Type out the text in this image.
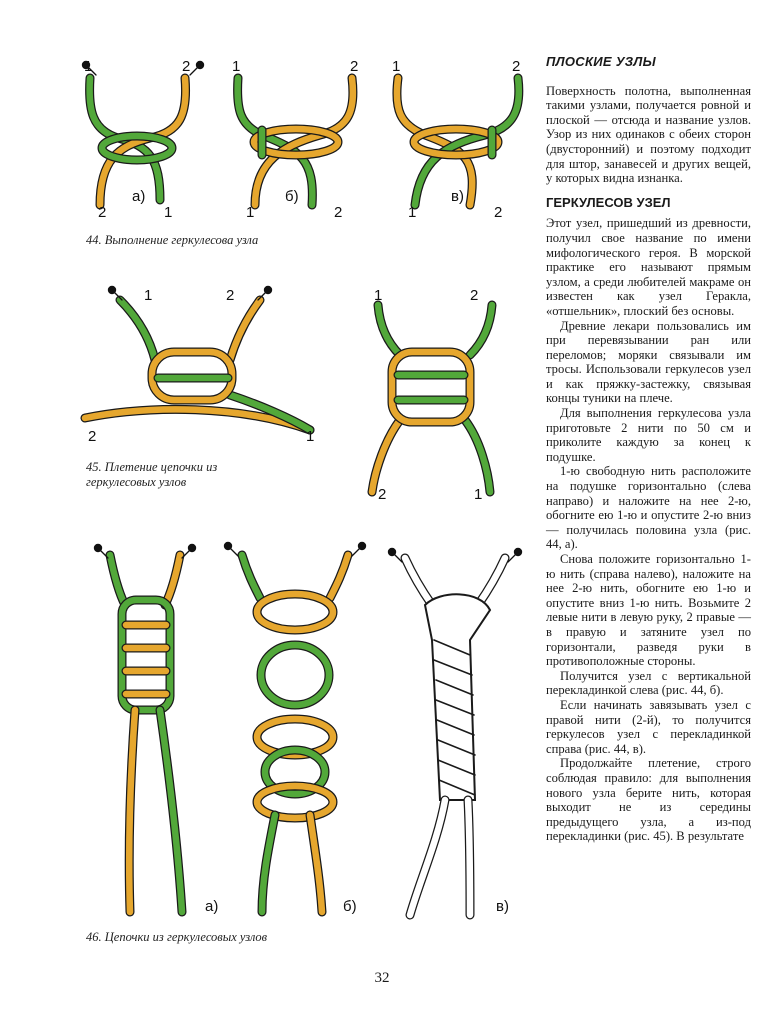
1	2
а)
2	1
1	2
б)
1	2
1	2
в)
1	2
44. Выполнение геркулесова узла
1	2
2	1
1	2
2	1
45. Плетение цепочки из геркулесовых узлов
а)	б)	в)
46. Цепочки из геркулесовых узлов
ПЛОСКИЕ УЗЛЫ

Поверхность полотна, выполненная такими узлами, получается ровной и плоской — отсюда и название узлов. Узор из них одинаков с обеих сторон (двусторонний) и поэтому подходит для штор, занавесей и других вещей, у которых видна изнанка.

ГЕРКУЛЕСОВ УЗЕЛ

Этот узел, пришедший из древности, получил свое название по имени мифологического героя. В морской практике его называют прямым узлом, а среди любителей макраме он известен как узел Геракла, «отшельник», плоский без основы.

Древние лекари пользовались им при перевязывании ран или переломов; моряки связывали им тросы. Использовали геркулесов узел и как пряжку-застежку, связывая концы туники на плече.

Для выполнения геркулесова узла приготовьте 2 нити по 50 см и приколите каждую за конец к подушке.

1-ю свободную нить расположите на подушке горизонтально (слева направо) и наложите на нее 2-ю, обогните ею 1-ю и опустите 2-ю вниз — получилась половина узла (рис. 44, а).

Снова положите горизонтально 1-ю нить (справа налево), наложите на нее 2-ю нить, обогните ею 1-ю и опустите вниз 1-ю нить. Возьмите 2 левые нити в левую руку, 2 правые — в правую и затяните узел по горизонтали, разведя руки в противоположные стороны.

Получится узел с вертикальной перекладинкой слева (рис. 44, б).

Если начинать завязывать узел с правой нити (2-й), то получится геркулесов узел с перекладинкой справа (рис. 44, в).

Продолжайте плетение, строго соблюдая правило: для выполнения нового узла берите нить, которая выходит не из середины предыдущего узла, а из-под перекладинки (рис. 45). В результате

32
